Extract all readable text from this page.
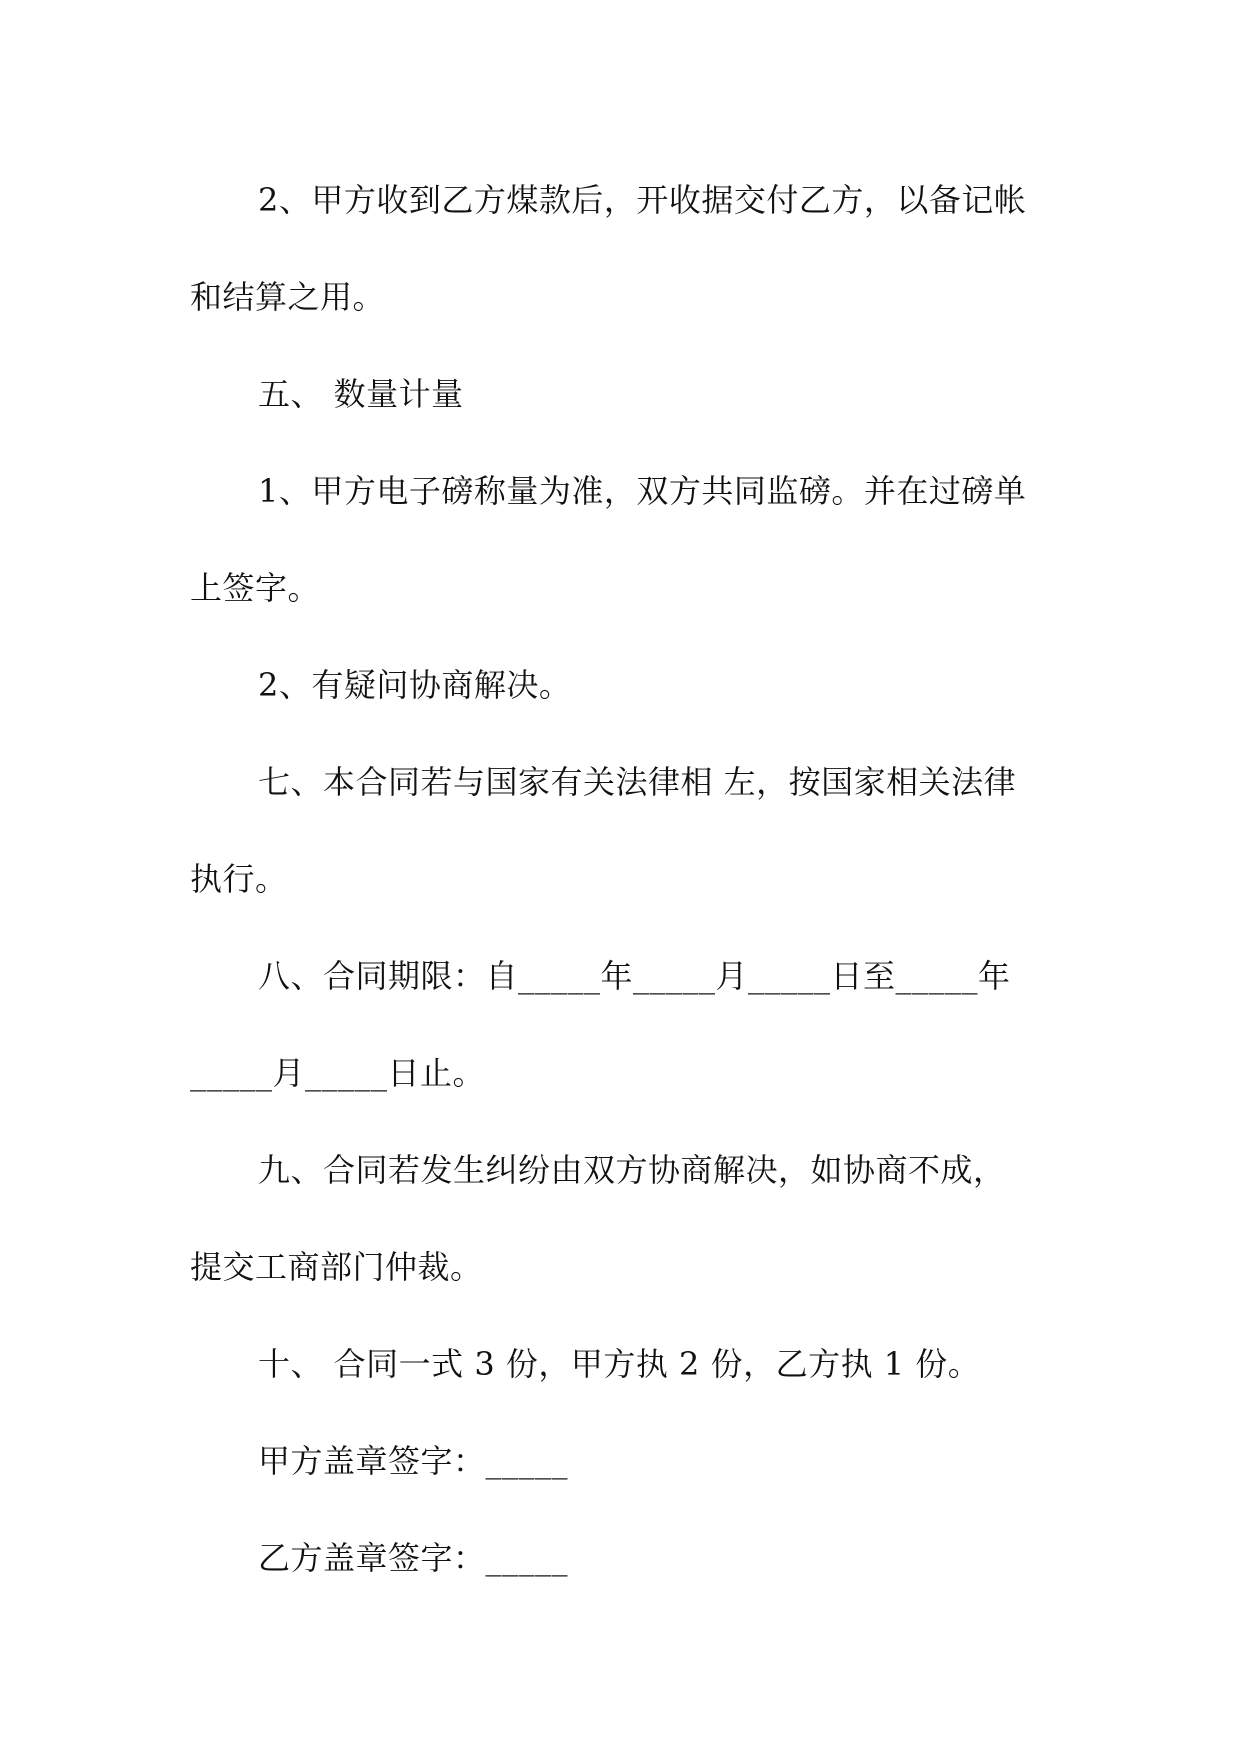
2、甲方收到乙方煤款后，开收据交付乙方，以备记帐
和结算之用。
五、 数量计量
1、甲方电子磅称量为准，双方共同监磅。并在过磅单
上签字。
2、有疑问协商解决。
七、本合同若与国家有关法律相 左，按国家相关法律
执行。
八、合同期限：自_____年_____月_____日至_____年
_____月_____日止。
九、合同若发生纠纷由双方协商解决，如协商不成，
提交工商部门仲裁。
十、 合同一式 3 份，甲方执 2 份，乙方执 1 份。
甲方盖章签字：_____
乙方盖章签字：_____
